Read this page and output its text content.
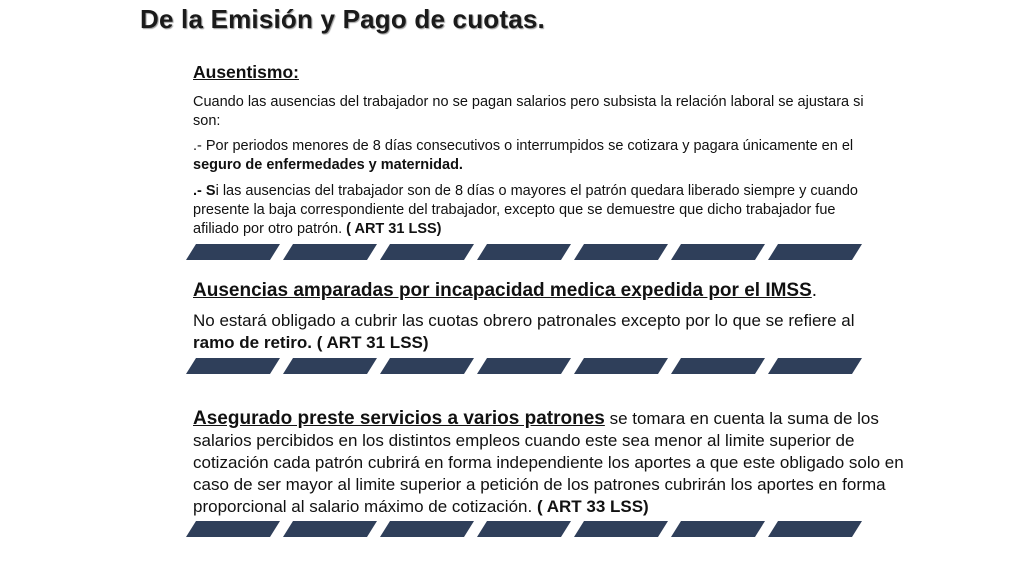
De la Emisión y Pago de cuotas.
Ausentismo:
Cuando las ausencias del trabajador no se pagan salarios pero subsista la relación laboral se ajustara si son:
.- Por periodos menores de 8 días consecutivos o interrumpidos se cotizara y pagara únicamente en el seguro de enfermedades y maternidad.
.- Si las ausencias del trabajador son de 8 días o mayores el patrón quedara liberado siempre y cuando presente la baja correspondiente del trabajador, excepto que se demuestre que dicho trabajador fue afiliado por otro patrón. ( ART 31 LSS)
Ausencias amparadas por incapacidad medica expedida por el IMSS.
No estará obligado a cubrir las cuotas obrero patronales excepto por lo que se refiere al ramo de retiro. ( ART 31 LSS)
Asegurado preste servicios a varios patrones se tomara en cuenta la suma de los salarios percibidos en los distintos empleos cuando este sea menor al limite superior de cotización cada patrón cubrirá en forma independiente los aportes a que este obligado solo en caso de ser mayor al limite superior a petición de los patrones cubrirán los aportes en forma proporcional al salario máximo de cotización. ( ART 33 LSS)
